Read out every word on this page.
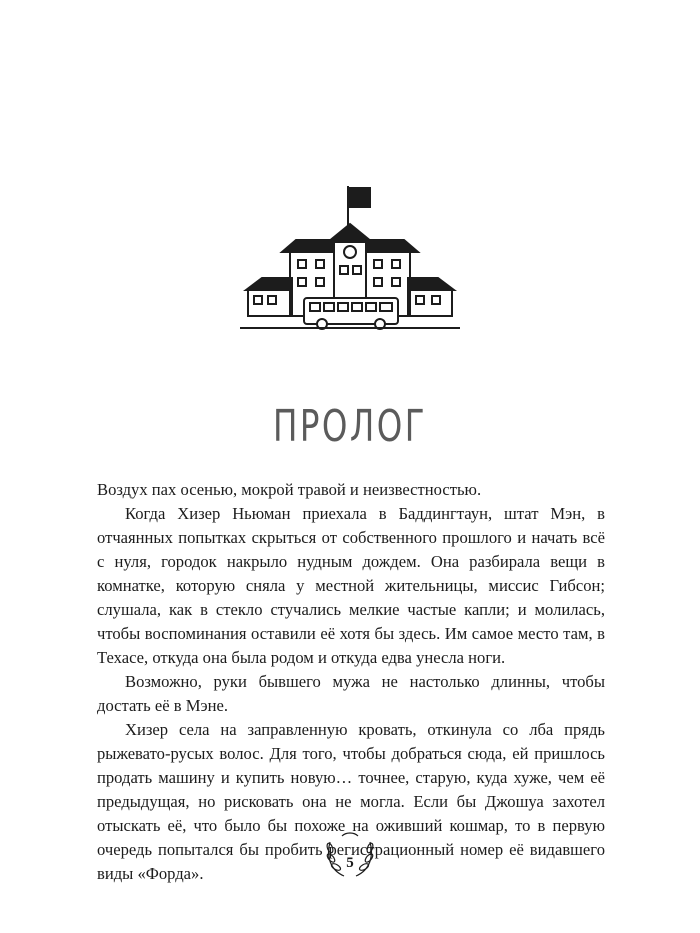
ПРОЛОГ

Воздух пах осенью, мокрой травой и неизвестностью.

Когда Хизер Ньюман приехала в Баддингтаун, штат Мэн, в отчаянных попытках скрыться от собственного прошлого и начать всё с нуля, городок накрыло нудным дождем. Она разбирала вещи в комнатке, которую сняла у местной жительницы, миссис Гибсон; слушала, как в стекло стучались мелкие частые капли; и молилась, чтобы воспоминания оставили её хотя бы здесь. Им самое место там, в Техасе, откуда она была родом и откуда едва унесла ноги.

Возможно, руки бывшего мужа не настолько длинны, чтобы достать её в Мэне.

Хизер села на заправленную кровать, откинула со лба прядь рыжевато-русых волос. Для того, чтобы добраться сюда, ей пришлось продать машину и купить новую… точнее, старую, куда хуже, чем её предыдущая, но рисковать она не могла. Если бы Джошуа захотел отыскать её, что было бы похоже на оживший кошмар, то в первую очередь попытался бы пробить регистрационный номер её видавшего виды «Форда».

5
